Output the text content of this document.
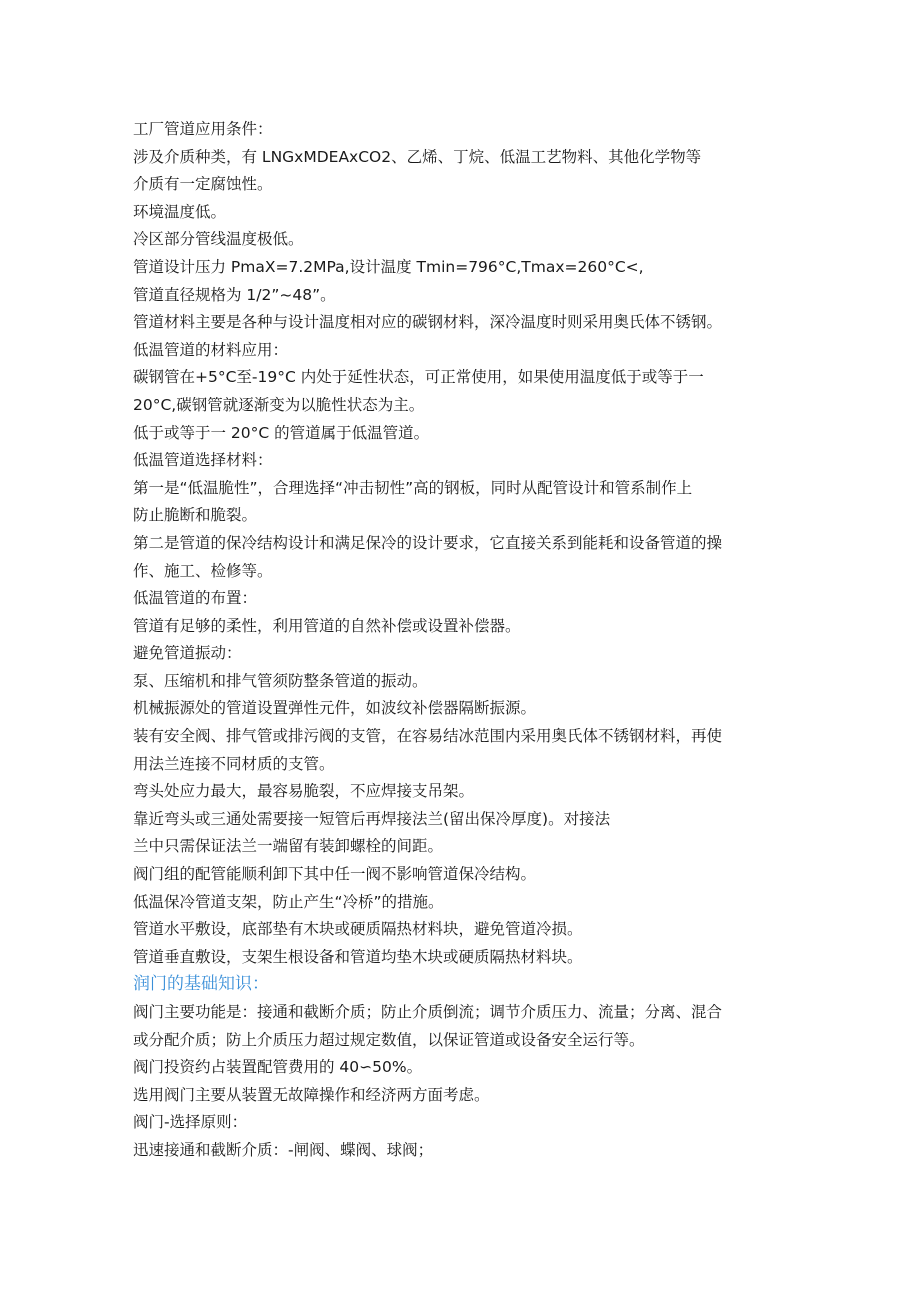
工厂管道应用条件：
涉及介质种类，有 LNGxMDEAxCO2、乙烯、丁烷、低温工艺物料、其他化学物等
介质有一定腐蚀性。
环境温度低。
冷区部分管线温度极低。
管道设计压力 PmaX=7.2MPa,设计温度 Tmin=796°C,Tmax=260°C<,
管道直径规格为 1/2”~48”。
管道材料主要是各种与设计温度相对应的碳钢材料，深冷温度时则采用奥氏体不锈钢。
低温管道的材料应用：
碳钢管在+5°C至-19°C 内处于延性状态，可正常使用，如果使用温度低于或等于一
20°C,碳钢管就逐渐变为以脆性状态为主。
低于或等于一 20°C 的管道属于低温管道。
低温管道选择材料：
第一是“低温脆性”，合理选择“冲击韧性”高的钢板，同时从配管设计和管系制作上
防止脆断和脆裂。
第二是管道的保冷结构设计和满足保冷的设计要求，它直接关系到能耗和设备管道的操
作、施工、检修等。
低温管道的布置：
管道有足够的柔性，利用管道的自然补偿或设置补偿器。
避免管道振动：
泵、压缩机和排气管须防整条管道的振动。
机械振源处的管道设置弹性元件，如波纹补偿器隔断振源。
装有安全阀、排气管或排污阀的支管，在容易结冰范围内采用奥氏体不锈钢材料，再使
用法兰连接不同材质的支管。
弯头处应力最大，最容易脆裂，不应焊接支吊架。
靠近弯头或三通处需要接一短管后再焊接法兰(留出保冷厚度)。对接法
兰中只需保证法兰一端留有装卸螺栓的间距。
阀门组的配管能顺利卸下其中任一阀不影响管道保冷结构。
低温保冷管道支架，防止产生“冷桥”的措施。
管道水平敷设，底部垫有木块或硬质隔热材料块，避免管道冷损。
管道垂直敷设，支架生根设备和管道均垫木块或硬质隔热材料块。
润门的基础知识：
阀门主要功能是：接通和截断介质；防止介质倒流；调节介质压力、流量；分离、混合
或分配介质；防上介质压力超过规定数值，以保证管道或设备安全运行等。
阀门投资约占装置配管费用的 40∽50%。
选用阀门主要从装置无故障操作和经济两方面考虑。
阀门-选择原则：
迅速接通和截断介质：-闸阀、蝶阀、球阀；
